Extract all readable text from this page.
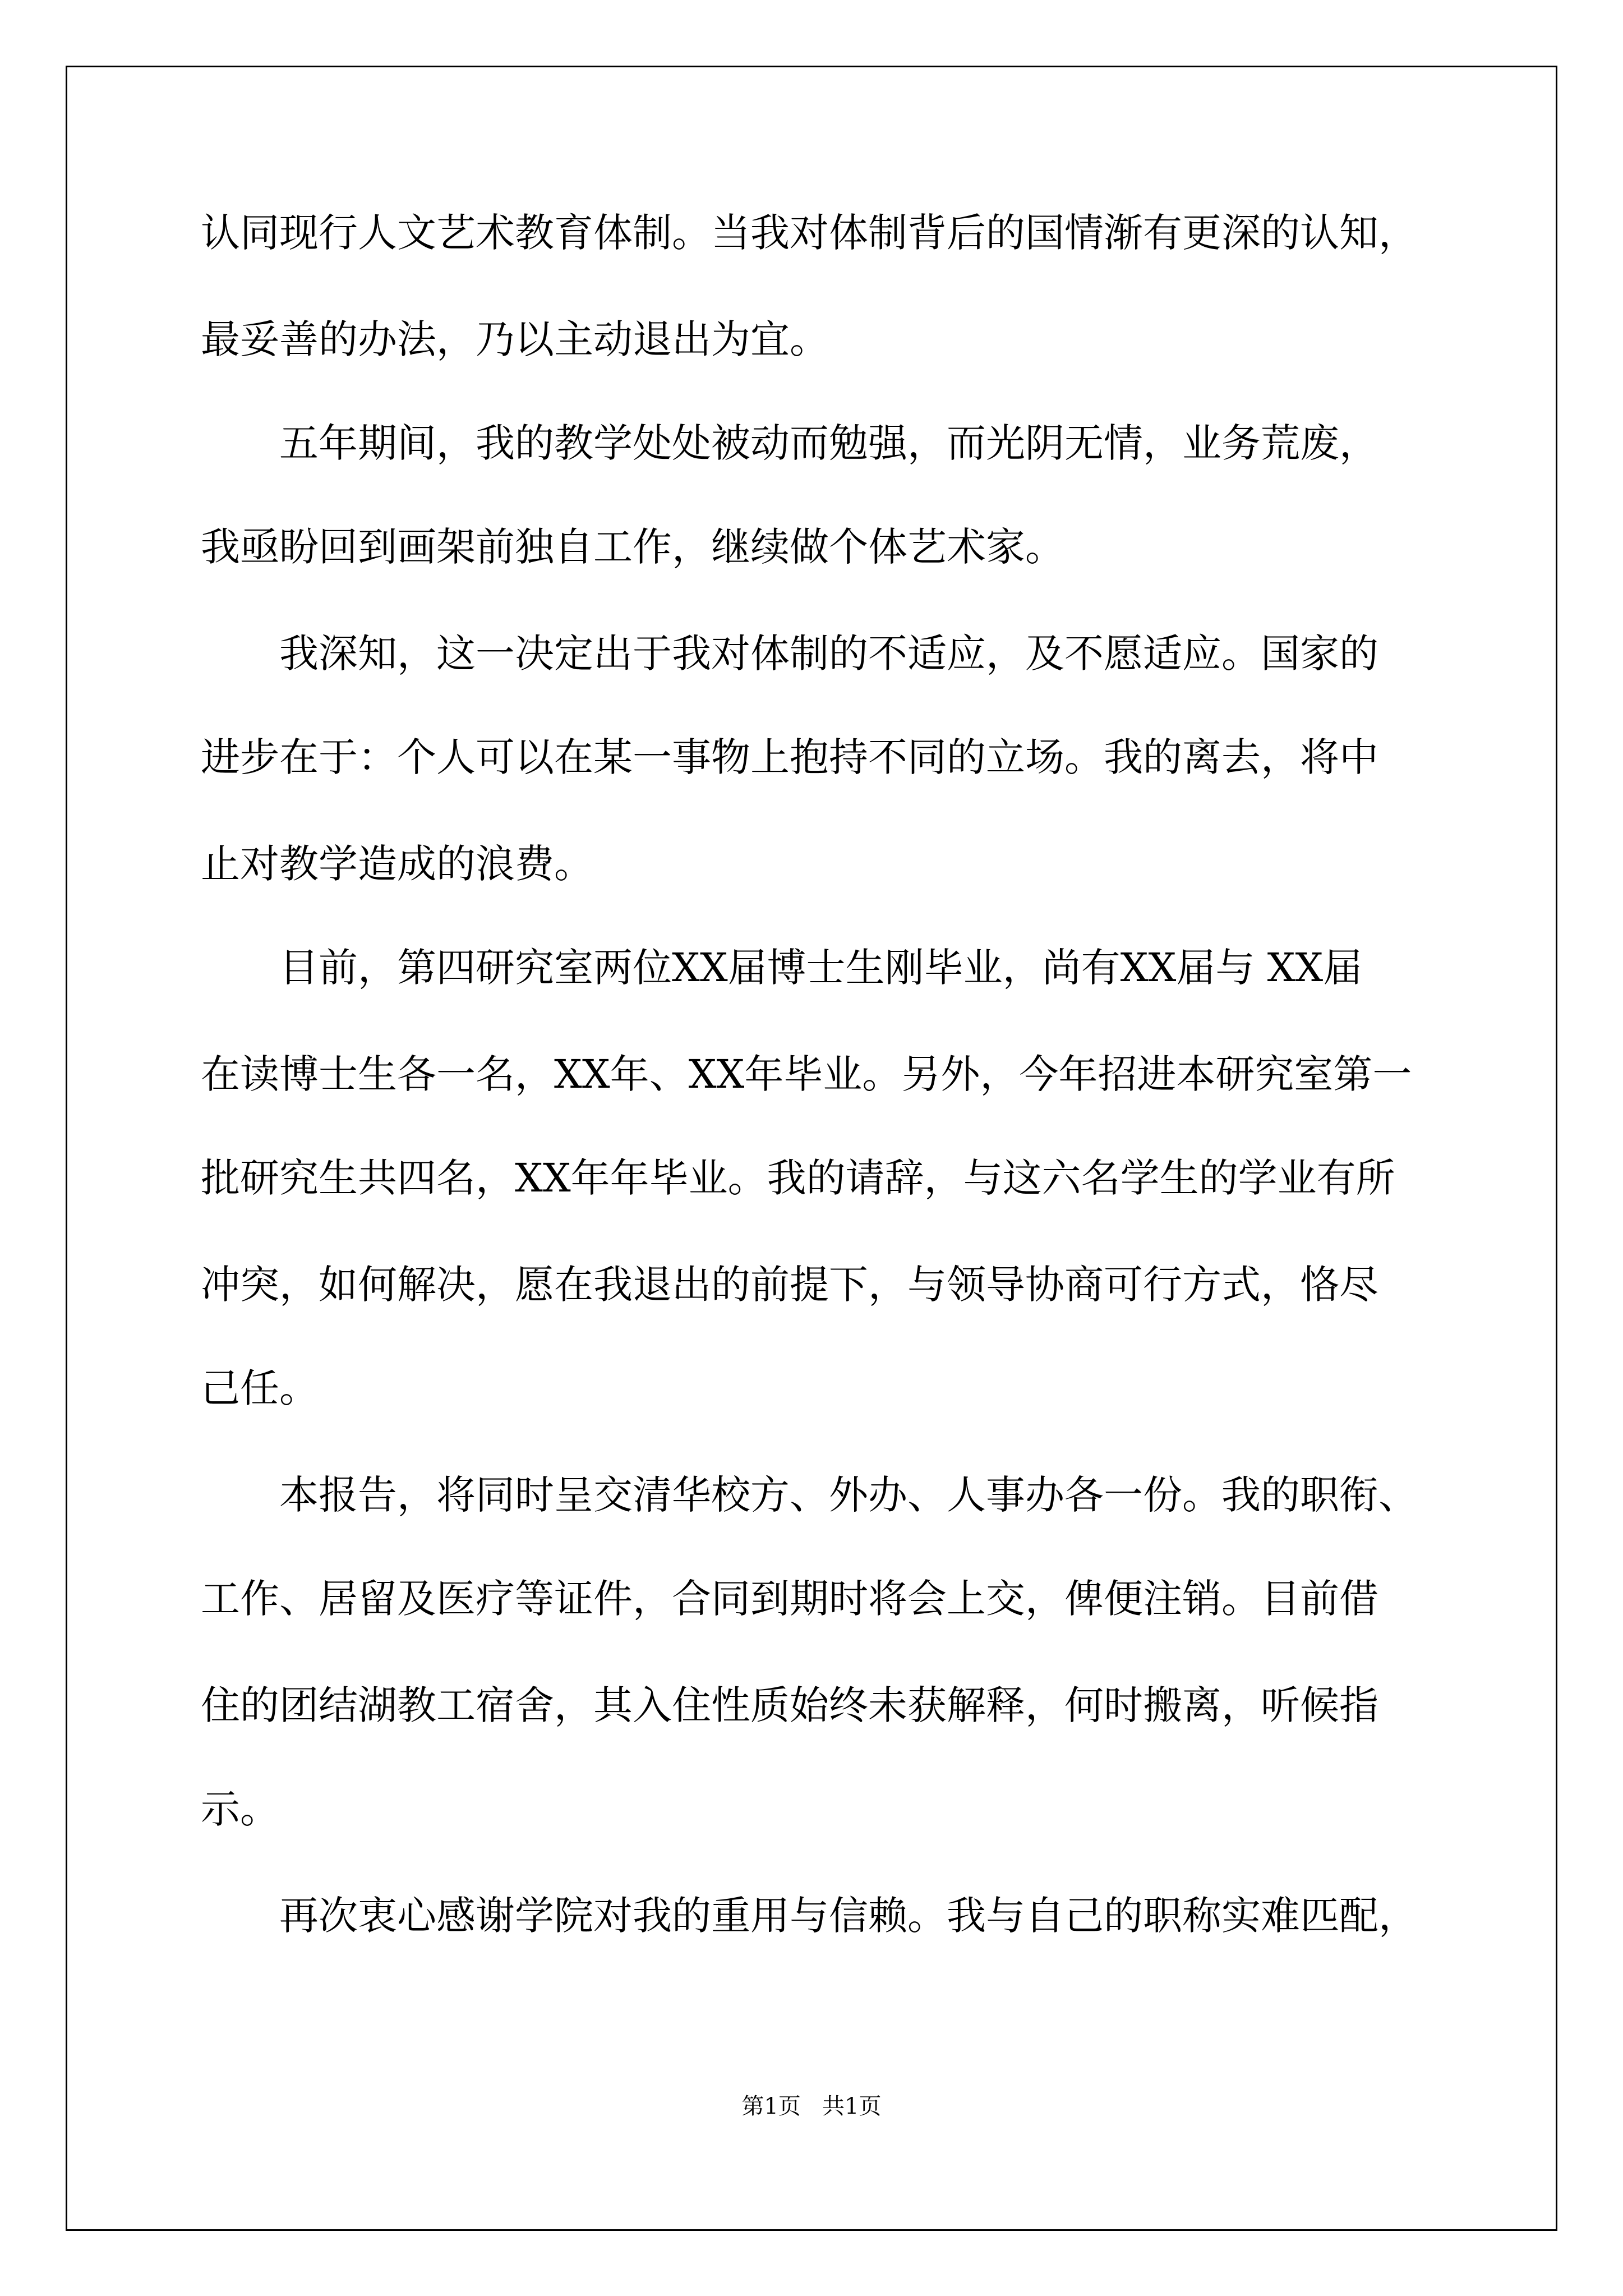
认同现行人文艺术教育体制。当我对体制背后的国情渐有更深的认知，
最妥善的办法，乃以主动退出为宜。
五年期间，我的教学处处被动而勉强，而光阴无情，业务荒废，
我亟盼回到画架前独自工作，继续做个体艺术家。
我深知，这一决定出于我对体制的不适应，及不愿适应。国家的
进步在于：个人可以在某一事物上抱持不同的立场。我的离去，将中
止对教学造成的浪费。
目前，第四研究室两位XX届博士生刚毕业，尚有XX届与 XX届
在读博士生各一名，XX年、XX年毕业。另外，今年招进本研究室第一
批研究生共四名，XX年年毕业。我的请辞，与这六名学生的学业有所
冲突，如何解决，愿在我退出的前提下，与领导协商可行方式，恪尽
己任。
本报告，将同时呈交清华校方、外办、人事办各一份。我的职衔、
工作、居留及医疗等证件，合同到期时将会上交，俾便注销。目前借
住的团结湖教工宿舍，其入住性质始终未获解释，何时搬离，听候指
示。
再次衷心感谢学院对我的重用与信赖。我与自己的职称实难匹配，
第1页   共1页
